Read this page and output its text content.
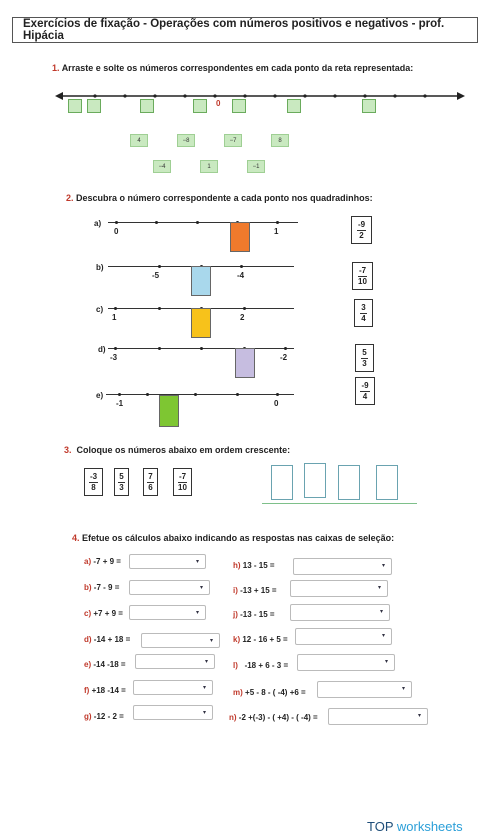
Exercícios de fixação - Operações com números positivos e negativos - prof. Hipácia
1. Arraste e solte os números correspondentes em cada ponto da reta representada:
0
4	−8	−7	8
−4	1	−1
2. Descubra o número correspondente a cada ponto nos quadradinhos:
a)
0	1
b)
-5	-4
c)
1	2
d)
-3	-2
e)
-1	0
$\frac{-9}{2}$
$\frac{-7}{10}$
$\frac{3}{4}$
$\frac{5}{3}$
$\frac{-9}{4}$
3. Coloque os números abaixo em ordem crescente:
$\frac{-3}{8} \frac{5}{3} \frac{7}{6} \frac{-7}{10}$
4. Efetue os cálculos abaixo indicando as respostas nas caixas de seleção:
a) -7 + 9 =	▾
b) -7 - 9 =	▾
c) +7 + 9 =	▾
d) -14 + 18 =	▾
e) -14 -18 =	▾
f) +18 -14 =	▾
g) -12 - 2 =	▾
h) 13 - 15 =	▾
i) -13 + 15 =	▾
j) -13 - 15 =	▾
k) 12 - 16 + 5 =	▾
l) -18 + 6 - 3 =	▾
m) +5 - 8 - ( -4) +6 =	▾
n) -2 +(-3) - ( +4) - ( -4) =	▾
TOP worksheets
